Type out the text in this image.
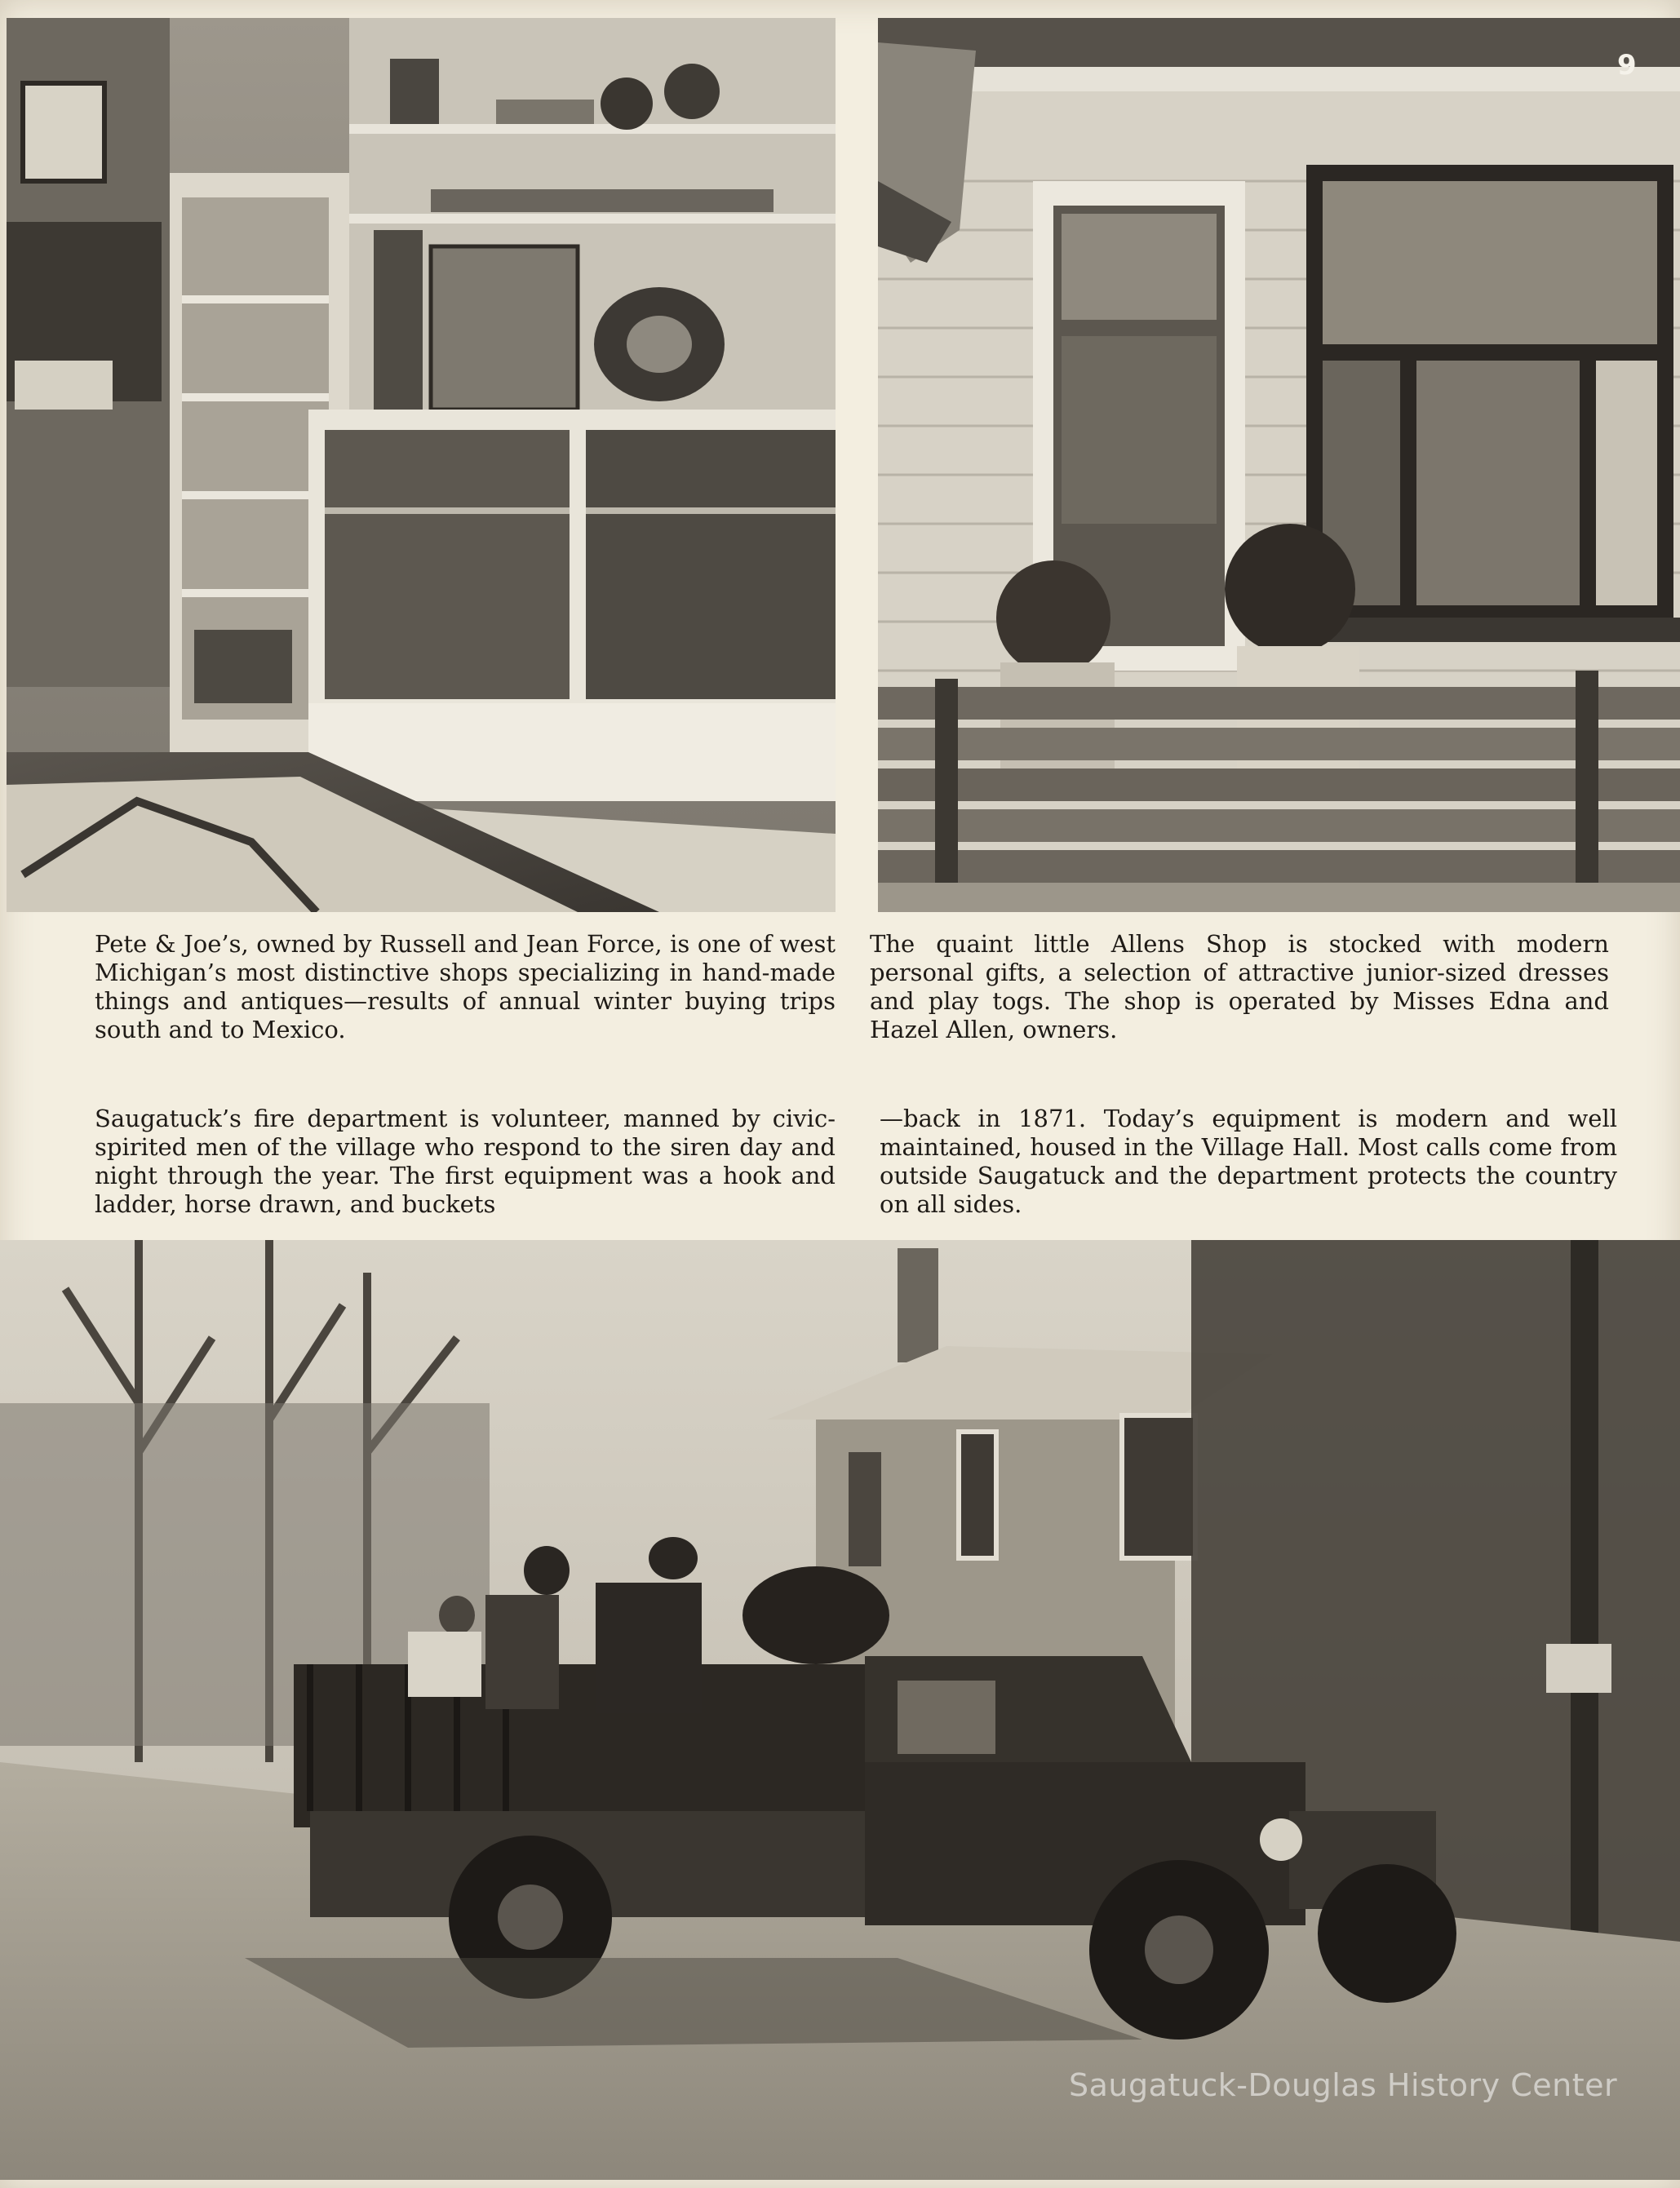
9

Pete & Joe’s, owned by Russell and Jean Force, is one of west Michigan’s most distinctive shops specializing in hand-made things and antiques—results of annual winter buying trips south and to Mexico.

The quaint little Allens Shop is stocked with modern personal gifts, a selection of attractive junior-sized dresses and play togs. The shop is operated by Misses Edna and Hazel Allen, owners.

Saugatuck’s fire department is volunteer, manned by civic-spirited men of the village who respond to the siren day and night through the year. The first equipment was a hook and ladder, horse drawn, and buckets

—back in 1871. Today’s equipment is modern and well maintained, housed in the Village Hall. Most calls come from outside Saugatuck and the department protects the country on all sides.

Saugatuck-Douglas History Center
